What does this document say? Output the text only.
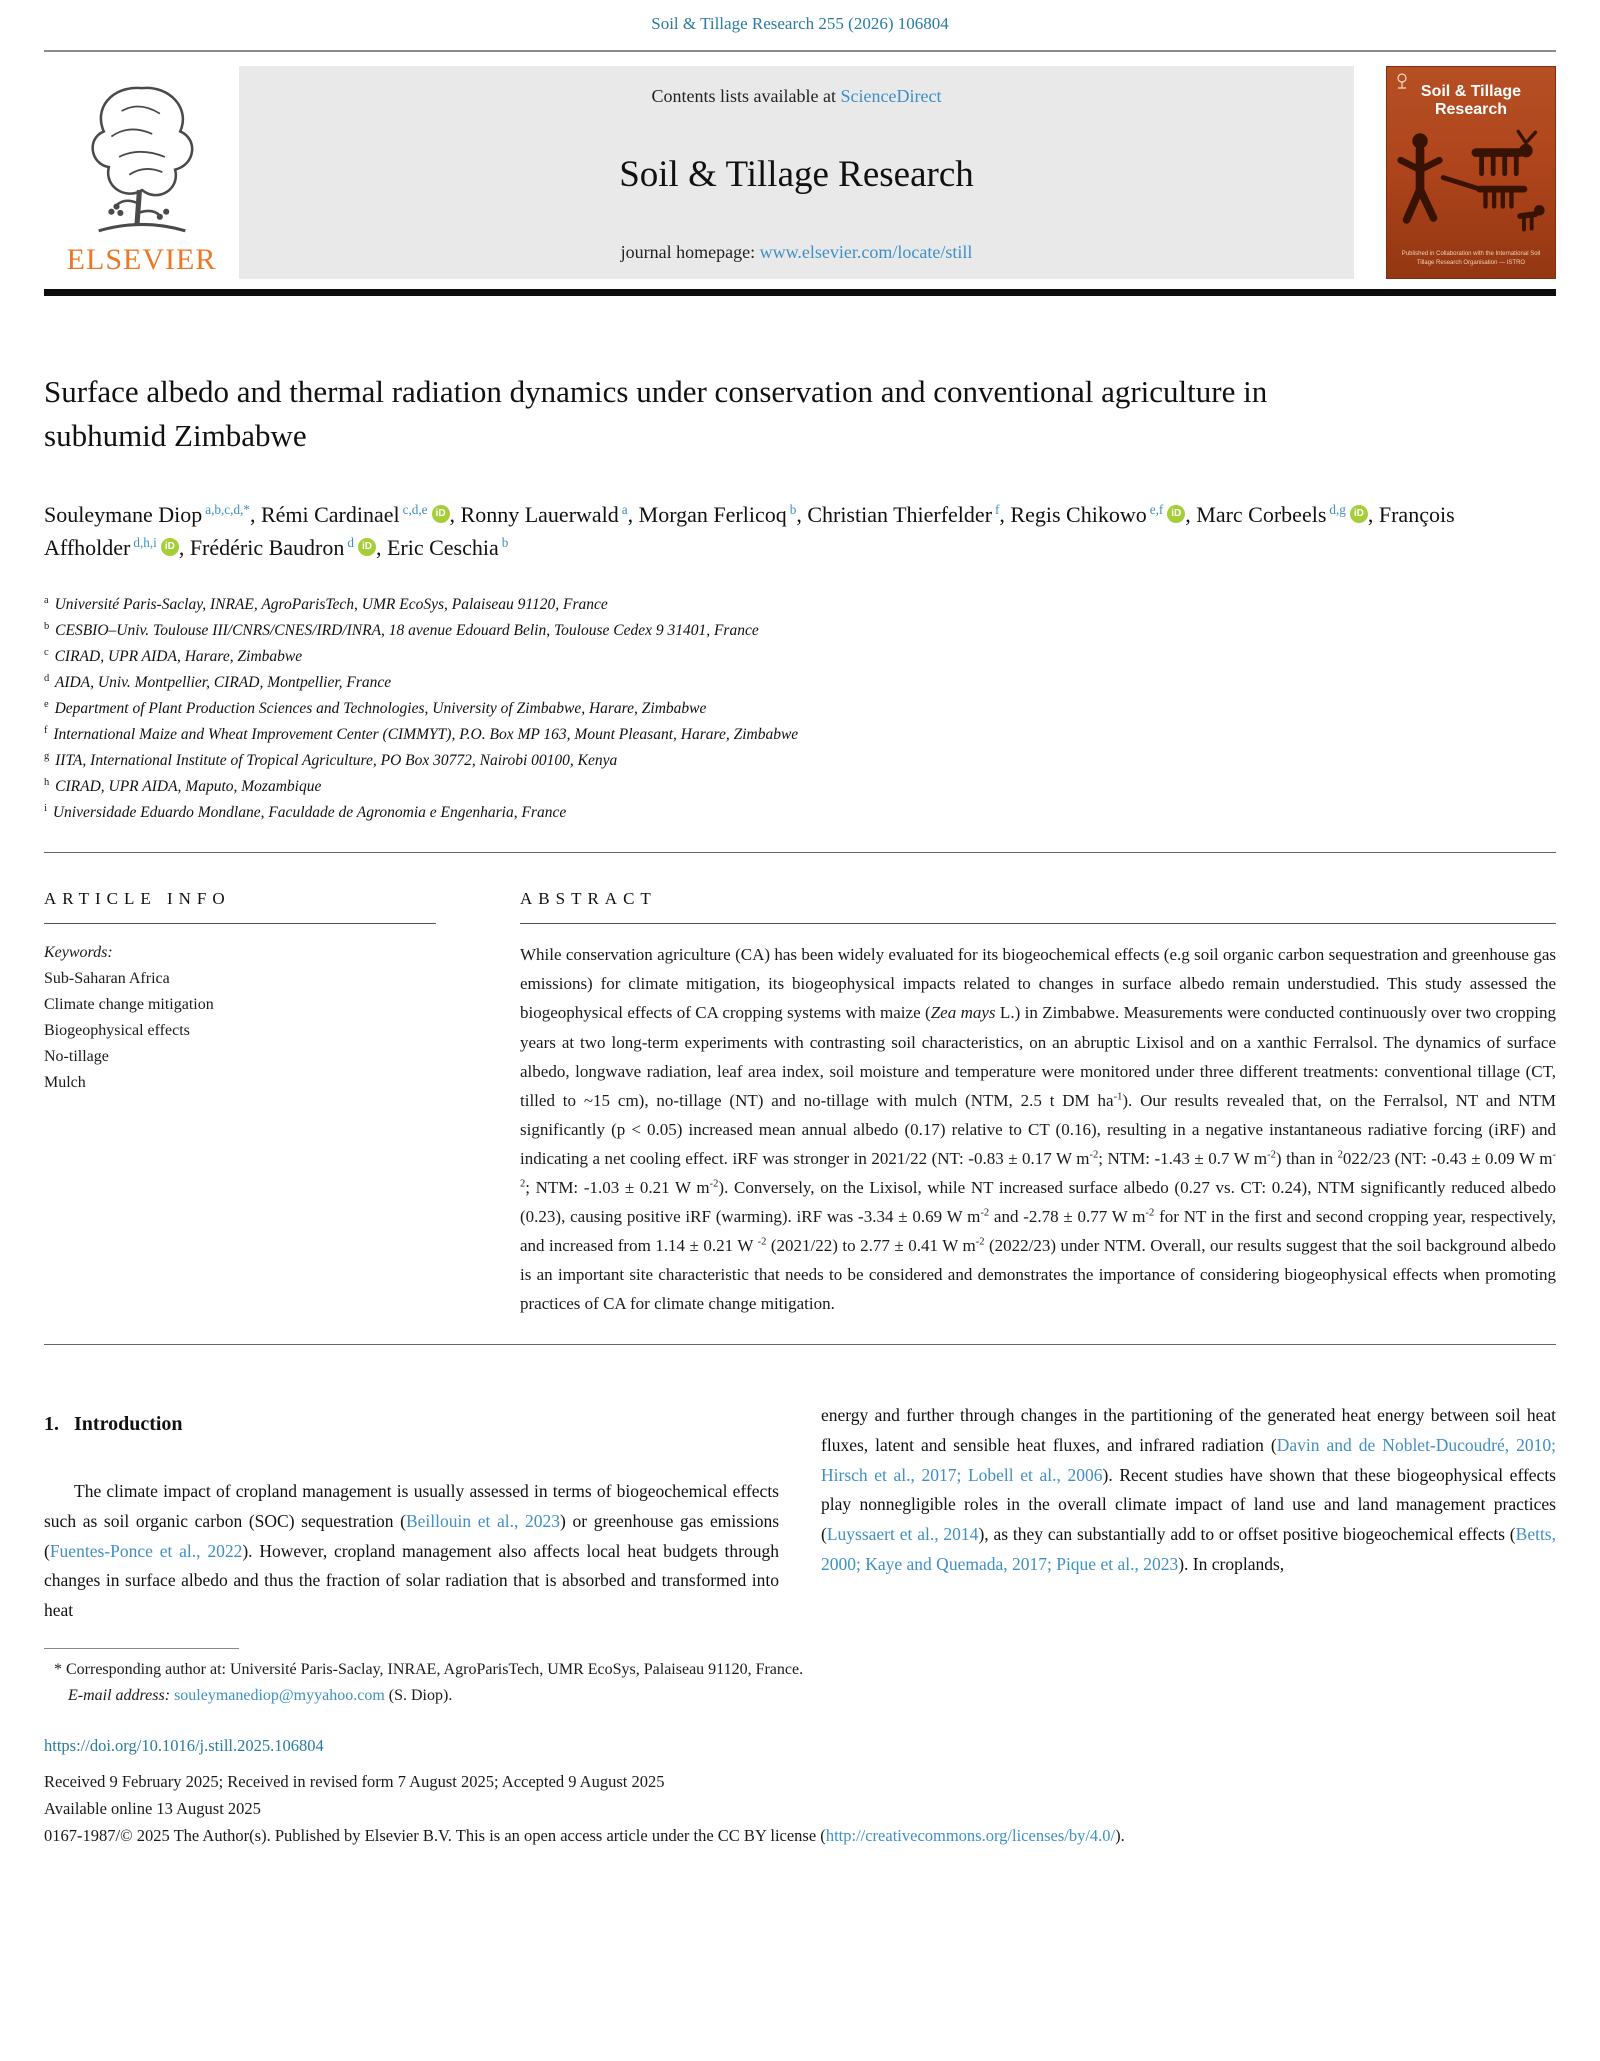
Soil & Tillage Research 255 (2026) 106804
ELSEVIER
Contents lists available at ScienceDirect
Soil & Tillage Research
journal homepage: www.elsevier.com/locate/still
Soil & Tillage
Research
Published in Collaboration with the International Soil Tillage Research Organisation — ISTRO
Surface albedo and thermal radiation dynamics under conservation and conventional agriculture in subhumid Zimbabwe
Souleymane Diop $^{a,b,c,d,*}$, Rémi Cardinael $^{c,d,e}$ iD , Ronny Lauerwald $^a$, Morgan Ferlicoq $^b$, Christian Thierfelder $^f$, Regis Chikowo $^{e,f}$ iD , Marc Corbeels $^{d,g}$ iD , François Affholder $^{d,h,i}$ iD , Frédéric Baudron $^d$ iD , Eric Ceschia $^b$
$^a$ Université Paris-Saclay, INRAE, AgroParisTech, UMR EcoSys, Palaiseau 91120, France
$^b$ CESBIO–Univ. Toulouse III/CNRS/CNES/IRD/INRA, 18 avenue Edouard Belin, Toulouse Cedex 9 31401, France
$^c$ CIRAD, UPR AIDA, Harare, Zimbabwe
$^d$ AIDA, Univ. Montpellier, CIRAD, Montpellier, France
$^e$ Department of Plant Production Sciences and Technologies, University of Zimbabwe, Harare, Zimbabwe
$^f$ International Maize and Wheat Improvement Center (CIMMYT), P.O. Box MP 163, Mount Pleasant, Harare, Zimbabwe
$^g$ IITA, International Institute of Tropical Agriculture, PO Box 30772, Nairobi 00100, Kenya
$^h$ CIRAD, UPR AIDA, Maputo, Mozambique
$^i$ Universidade Eduardo Mondlane, Faculdade de Agronomia e Engenharia, France
ARTICLE INFO
Keywords:
Sub-Saharan Africa
Climate change mitigation
Biogeophysical effects
No-tillage
Mulch
ABSTRACT

While conservation agriculture (CA) has been widely evaluated for its biogeochemical effects (e.g soil organic carbon sequestration and greenhouse gas emissions) for climate mitigation, its biogeophysical impacts related to changes in surface albedo remain understudied. This study assessed the biogeophysical effects of CA cropping systems with maize (Zea mays L.) in Zimbabwe. Measurements were conducted continuously over two cropping years at two long-term experiments with contrasting soil characteristics, on an abruptic Lixisol and on a xanthic Ferralsol. The dynamics of surface albedo, longwave radiation, leaf area index, soil moisture and temperature were monitored under three different treatments: conventional tillage (CT, tilled to ~15 cm), no-tillage (NT) and no-tillage with mulch (NTM, 2.5 t DM $ha^{-1}$). Our results revealed that, on the Ferralsol, NT and NTM significantly (p < 0.05) increased mean annual albedo (0.17) relative to CT (0.16), resulting in a negative instantaneous radiative forcing (iRF) and indicating a net cooling effect. iRF was stronger in 2021/22 (NT: -0.83 ± 0.17 W $m^{-2}$; NTM: -1.43 ± 0.7 W $m^{-2}$) than in $^2$022/23 (NT: -0.43 ± 0.09 W $m^{-2}$; NTM: -1.03 ± 0.21 W $m^{-2}$). Conversely, on the Lixisol, while NT increased surface albedo (0.27 vs. CT: 0.24), NTM significantly reduced albedo (0.23), causing positive iRF (warming). iRF was -3.34 ± 0.69 W $m^{-2}$ and -2.78 ± 0.77 W $m^{-2}$ for NT in the first and second cropping year, respectively, and increased from 1.14 ± 0.21 W $^{-2}$ (2021/22) to 2.77 ± 0.41 W $m^{-2}$ (2022/23) under NTM. Overall, our results suggest that the soil background albedo is an important site characteristic that needs to be considered and demonstrates the importance of considering biogeophysical effects when promoting practices of CA for climate change mitigation.

1. Introduction

The climate impact of cropland management is usually assessed in terms of biogeochemical effects such as soil organic carbon (SOC) sequestration (Beillouin et al., 2023) or greenhouse gas emissions (Fuentes-Ponce et al., 2022). However, cropland management also affects local heat budgets through changes in surface albedo and thus the fraction of solar radiation that is absorbed and transformed into heat

energy and further through changes in the partitioning of the generated heat energy between soil heat fluxes, latent and sensible heat fluxes, and infrared radiation (Davin and de Noblet-Ducoudré, 2010; Hirsch et al., 2017; Lobell et al., 2006). Recent studies have shown that these biogeophysical effects play nonnegligible roles in the overall climate impact of land use and land management practices (Luyssaert et al., 2014), as they can substantially add to or offset positive biogeochemical effects (Betts, 2000; Kaye and Quemada, 2017; Pique et al., 2023). In croplands,

* Corresponding author at: Université Paris-Saclay, INRAE, AgroParisTech, UMR EcoSys, Palaiseau 91120, France.
E-mail address: souleymanediop@myyahoo.com (S. Diop).
https://doi.org/10.1016/j.still.2025.106804
Received 9 February 2025; Received in revised form 7 August 2025; Accepted 9 August 2025
Available online 13 August 2025
0167-1987/© 2025 The Author(s). Published by Elsevier B.V. This is an open access article under the CC BY license (http://creativecommons.org/licenses/by/4.0/).
